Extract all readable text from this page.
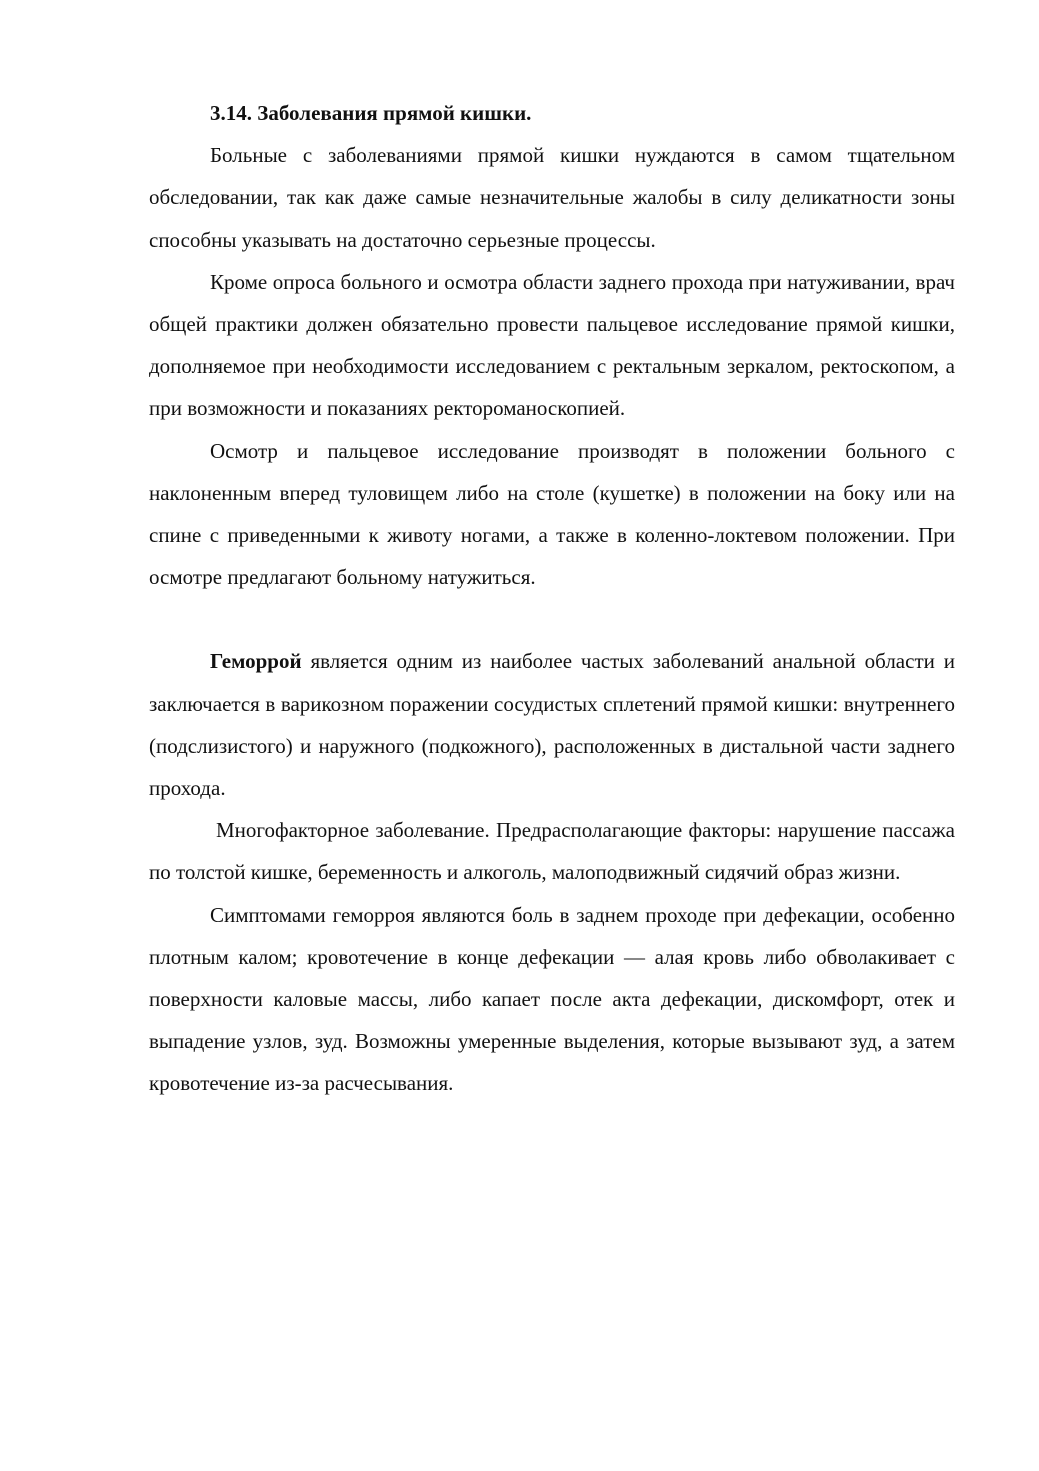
3.14. Заболевания прямой кишки.

Больные с заболеваниями прямой кишки нуждаются в самом тщательном обследовании, так как даже самые незначительные жалобы в силу деликатности зоны способны указывать на достаточно серьезные процессы.

Кроме опроса больного и осмотра области заднего прохода при натуживании, врач общей практики должен обязательно провести пальцевое исследование прямой кишки, дополняемое при необходимости исследованием с ректальным зеркалом, ректоскопом, а при возможности и показаниях ректороманоскопией.

Осмотр и пальцевое исследование производят в положении больного с наклоненным вперед туловищем либо на столе (кушетке) в положении на боку или на спине с приведенными к животу ногами, а также в коленно-локтевом положении. При осмотре предлагают больному натужиться.

Геморрой является одним из наиболее частых заболеваний анальной области и заключается в варикозном поражении сосудистых сплетений прямой кишки: внутреннего (подслизистого) и наружного (подкожного), расположенных в дистальной части заднего прохода.

Многофакторное заболевание. Предрасполагающие факторы: нарушение пассажа по толстой кишке, беременность и алкоголь, малоподвижный сидячий образ жизни.

Симптомами геморроя являются боль в заднем проходе при дефекации, особенно плотным калом; кровотечение в конце дефекации — алая кровь либо обволакивает с поверхности каловые массы, либо капает после акта дефекации, дискомфорт, отек и выпадение узлов, зуд. Возможны умеренные выделения, которые вызывают зуд, а затем кровотечение из-за расчесывания.
